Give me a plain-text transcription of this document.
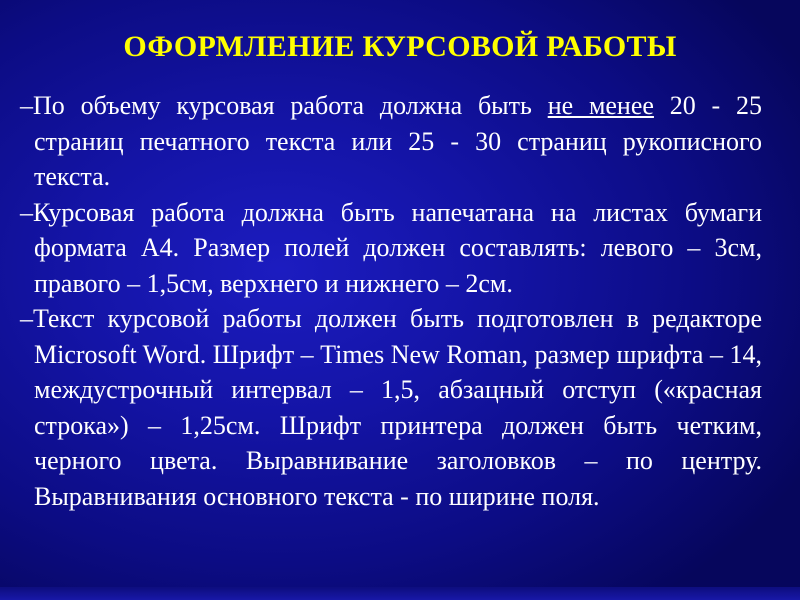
ОФОРМЛЕНИЕ КУРСОВОЙ РАБОТЫ

–По объему курсовая работа должна быть не менее 20 - 25 страниц печатного текста или 25 - 30 страниц рукописного текста.

–Курсовая работа должна быть напечатана на листах бумаги формата А4. Размер полей должен составлять: левого – 3см, правого – 1,5см, верхнего и нижнего – 2см.

–Текст курсовой работы должен быть подготовлен в редакторе Microsoft Word. Шрифт – Times New Roman, размер шрифта – 14, междустрочный интервал – 1,5, абзацный отступ («красная строка») – 1,25см. Шрифт принтера должен быть четким, черного цвета. Выравнивание заголовков – по центру. Выравнивания основного текста - по ширине поля.
